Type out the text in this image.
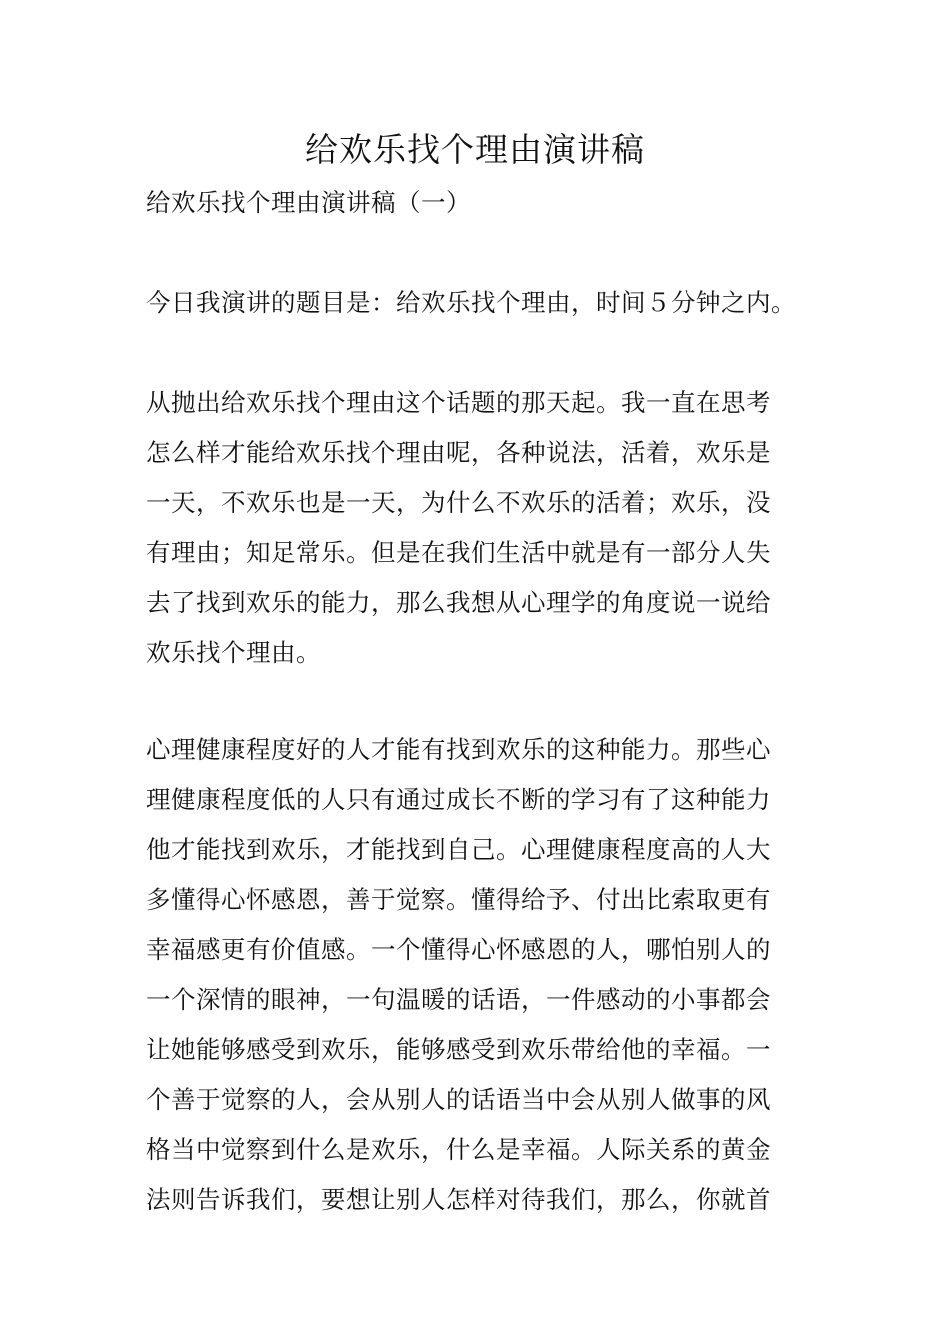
给欢乐找个理由演讲稿
给欢乐找个理由演讲稿（一）
今日我演讲的题目是：给欢乐找个理由，时间５分钟之内。
从抛出给欢乐找个理由这个话题的那天起。我一直在思考
怎么样才能给欢乐找个理由呢，各种说法，活着，欢乐是
一天，不欢乐也是一天，为什么不欢乐的活着；欢乐，没
有理由；知足常乐。但是在我们生活中就是有一部分人失
去了找到欢乐的能力，那么我想从心理学的角度说一说给
欢乐找个理由。
心理健康程度好的人才能有找到欢乐的这种能力。那些心
理健康程度低的人只有通过成长不断的学习有了这种能力
他才能找到欢乐，才能找到自己。心理健康程度高的人大
多懂得心怀感恩，善于觉察。懂得给予、付出比索取更有
幸福感更有价值感。一个懂得心怀感恩的人，哪怕别人的
一个深情的眼神，一句温暖的话语，一件感动的小事都会
让她能够感受到欢乐，能够感受到欢乐带给他的幸福。一
个善于觉察的人，会从别人的话语当中会从别人做事的风
格当中觉察到什么是欢乐，什么是幸福。人际关系的黄金
法则告诉我们，要想让别人怎样对待我们，那么，你就首
